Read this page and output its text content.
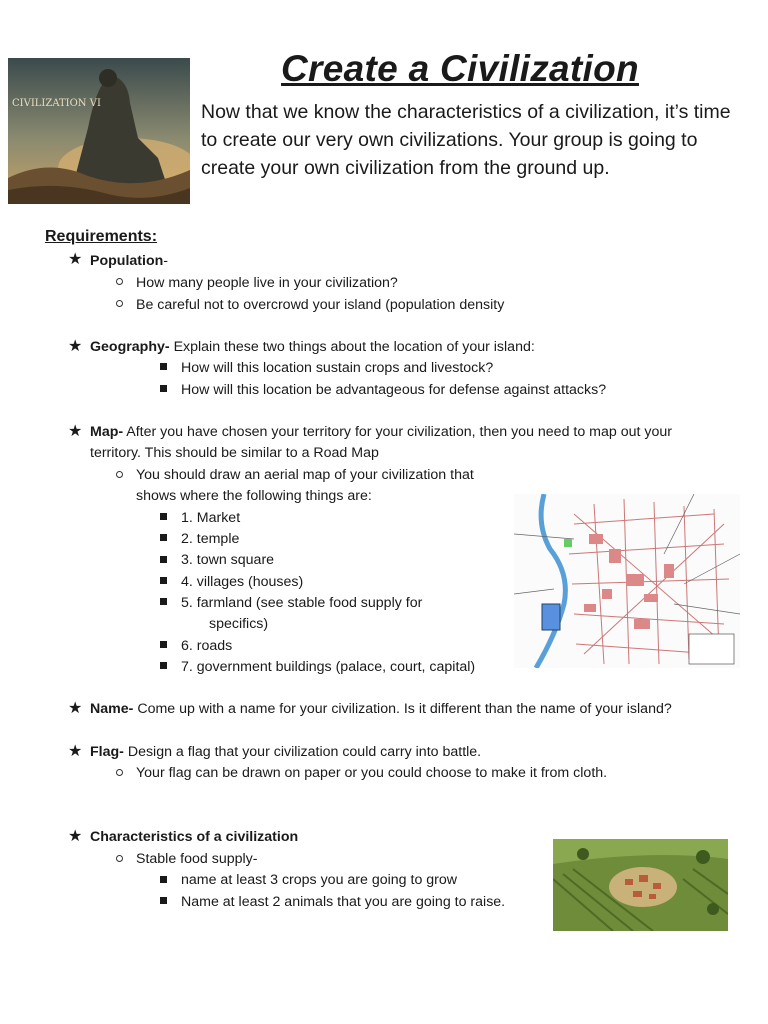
CIVILIZATION VI
Create a Civilization

Now that we know the characteristics of a civilization, it’s time to create our very own civilizations. Your group is going to create your own civilization from the ground up.

Requirements:
★ Population-
How many people live in your civilization?
Be careful not to overcrowd your island (population density
★ Geography- Explain these two things about the location of your island:
How will this location sustain crops and livestock?
How will this location be advantageous for defense against attacks?
★ Map- After you have chosen your territory for your civilization, then you need to map out your
territory. This should be similar to a Road Map
You should draw an aerial map of your civilization that
shows where the following things are:
1. Market
2. temple
3. town square
4. villages (houses)
5. farmland (see stable food supply for
specifics)
6. roads
7. government buildings (palace, court, capital)
★ Name- Come up with a name for your civilization. Is it different than the name of your island?
★ Flag- Design a flag that your civilization could carry into battle.
Your flag can be drawn on paper or you could choose to make it from cloth.
★ Characteristics of a civilization
Stable food supply-
name at least 3 crops you are going to grow
Name at least 2 animals that you are going to raise.
